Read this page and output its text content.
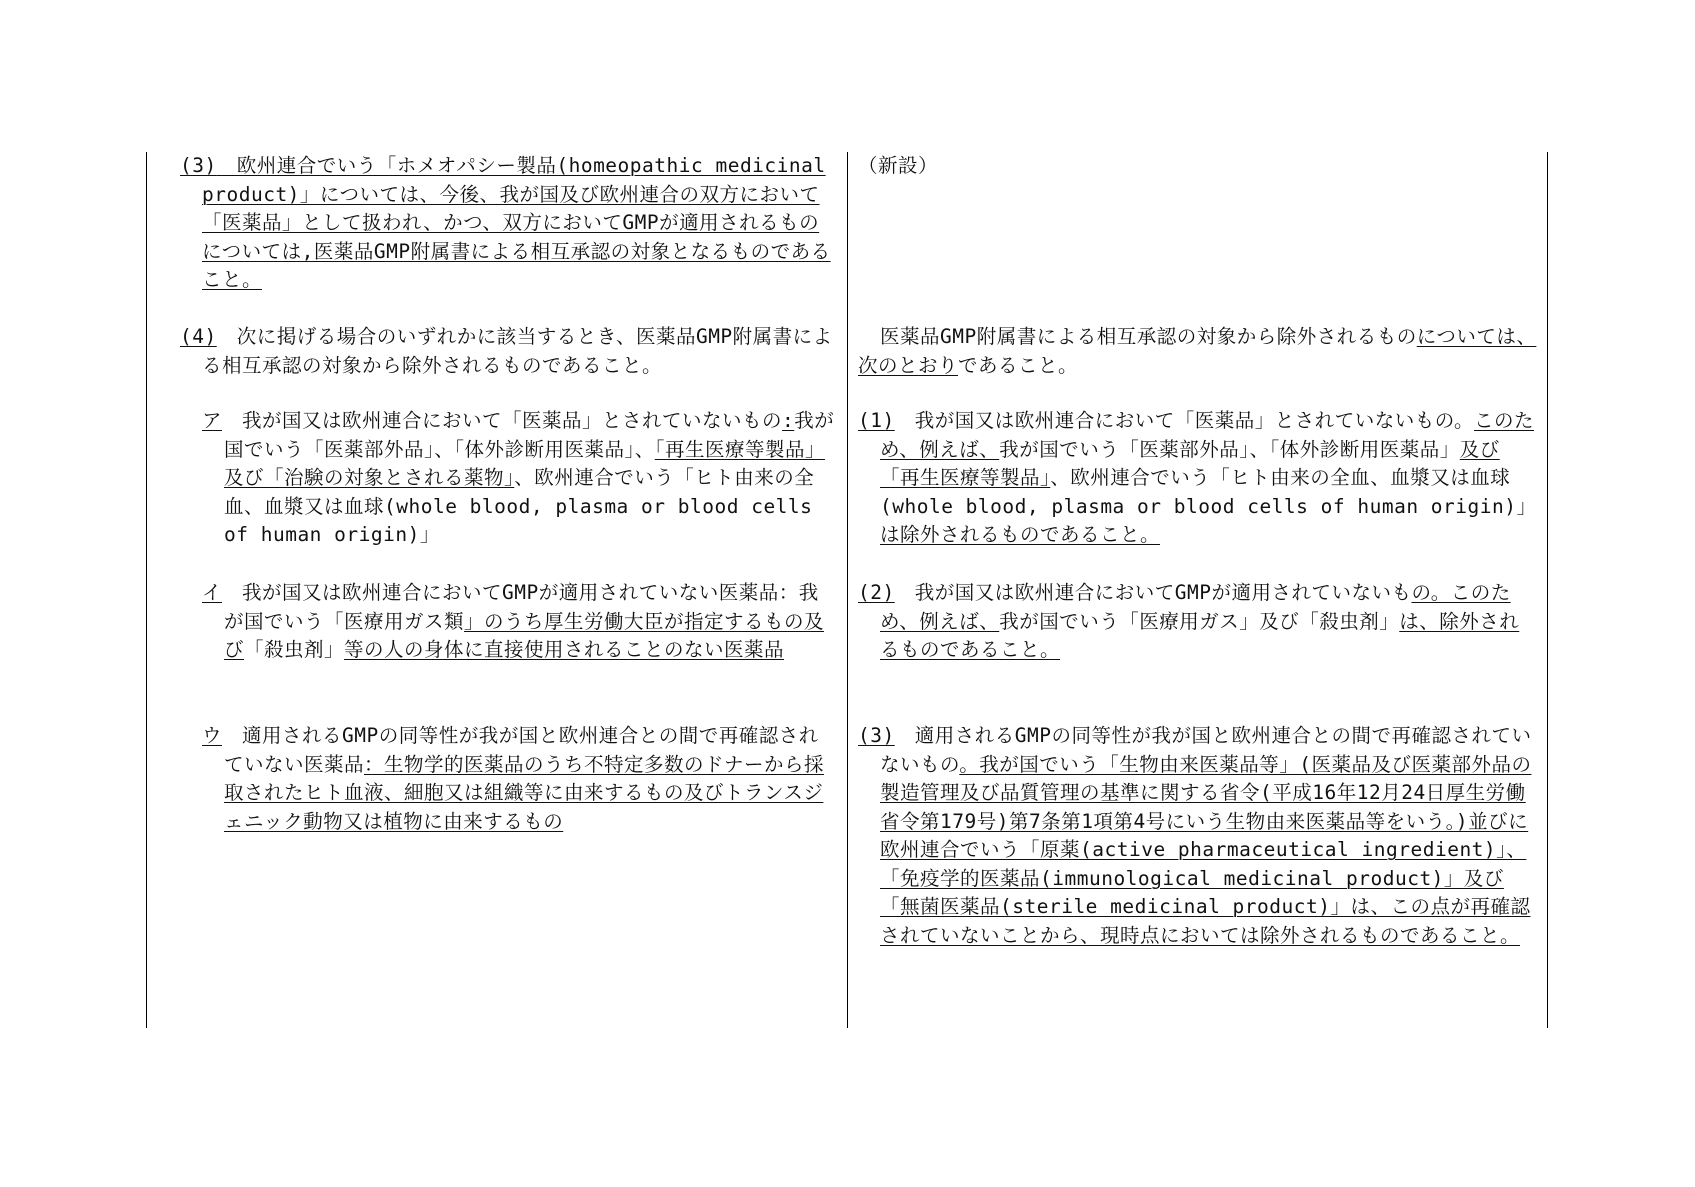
(3)　欧州連合でいう「ホメオパシー製品(homeopathic medicinal product)」については、今後、我が国及び欧州連合の双方において「医薬品」として扱われ、かつ、双方においてGMPが適用されるものについては,医薬品GMP附属書による相互承認の対象となるものであること。
(4)　次に掲げる場合のいずれかに該当するとき、医薬品GMP附属書による相互承認の対象から除外されるものであること。
ア　我が国又は欧州連合において「医薬品」とされていないもの:我が国でいう「医薬部外品」、「体外診断用医薬品」、「再生医療等製品」及び「治験の対象とされる薬物」、欧州連合でいう「ヒト由来の全血、血漿又は血球(whole blood, plasma or blood cells of human origin)」
イ　我が国又は欧州連合においてGMPが適用されていない医薬品：我が国でいう「医療用ガス類」のうち厚生労働大臣が指定するもの及び「殺虫剤」等の人の身体に直接使用されることのない医薬品
ウ　適用されるGMPの同等性が我が国と欧州連合との間で再確認されていない医薬品：生物学的医薬品のうち不特定多数のドナーから採取されたヒト血液、細胞又は組織等に由来するもの及びトランスジェニック動物又は植物に由来するもの
（新設）
医薬品GMP附属書による相互承認の対象から除外されるものについては、次のとおりであること。
(1)　我が国又は欧州連合において「医薬品」とされていないもの。このため、例えば、我が国でいう「医薬部外品」、「体外診断用医薬品」及び「再生医療等製品」、欧州連合でいう「ヒト由来の全血、血漿又は血球(whole blood, plasma or blood cells of human origin)」は除外されるものであること。
(2)　我が国又は欧州連合においてGMPが適用されていないもの。このため、例えば、我が国でいう「医療用ガス」及び「殺虫剤」は、除外されるものであること。
(3)　適用されるGMPの同等性が我が国と欧州連合との間で再確認されていないもの。我が国でいう「生物由来医薬品等」(医薬品及び医薬部外品の製造管理及び品質管理の基準に関する省令(平成16年12月24日厚生労働省令第179号)第7条第1項第4号にいう生物由来医薬品等をいう。)並びに欧州連合でいう「原薬(active pharmaceutical ingredient)」、「免疫学的医薬品(immunological medicinal product)」及び「無菌医薬品(sterile medicinal product)」は、この点が再確認されていないことから、現時点においては除外されるものであること。
